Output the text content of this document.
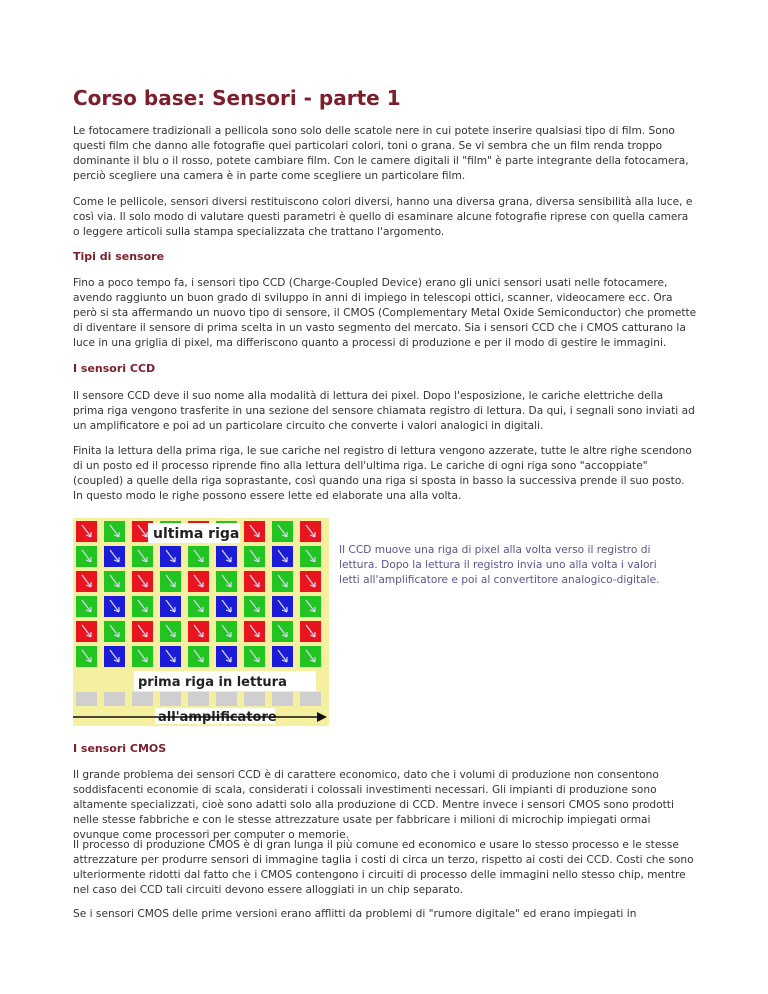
Corso base: Sensori - parte 1

Le fotocamere tradizionali a pellicola sono solo delle scatole nere in cui potete inserire qualsiasi tipo di film. Sono questi film che danno alle fotografie quei particolari colori, toni o grana. Se vi sembra che un film renda troppo dominante il blu o il rosso, potete cambiare film. Con le camere digitali il "film" è parte integrante della fotocamera, perciò scegliere una camera è in parte come scegliere un particolare film.

Come le pellicole, sensori diversi restituiscono colori diversi, hanno una diversa grana, diversa sensibilità alla luce, e così via. Il solo modo di valutare questi parametri è quello di esaminare alcune fotografie riprese con quella camera o leggere articoli sulla stampa specializzata che trattano l'argomento.

Tipi di sensore

Fino a poco tempo fa, i sensori tipo CCD (Charge-Coupled Device) erano gli unici sensori usati nelle fotocamere, avendo raggiunto un buon grado di sviluppo in anni di impiego in telescopi ottici, scanner, videocamere ecc. Ora però si sta affermando un nuovo tipo di sensore, il CMOS (Complementary Metal Oxide Semiconductor) che promette di diventare il sensore di prima scelta in un vasto segmento del mercato. Sia i sensori CCD che i CMOS catturano la luce in una griglia di pixel, ma differiscono quanto a processi di produzione e per il modo di gestire le immagini.

I sensori CCD

Il sensore CCD deve il suo nome alla modalità di lettura dei pixel. Dopo l'esposizione, le cariche elettriche della prima riga vengono trasferite in una sezione del sensore chiamata registro di lettura. Da qui, i segnali sono inviati ad un amplificatore e poi ad un particolare circuito che converte i valori analogici in digitali.

Finita la lettura della prima riga, le sue cariche nel registro di lettura vengono azzerate, tutte le altre righe scendono di un posto ed il processo riprende fino alla lettura dell'ultima riga. Le cariche di ogni riga sono "accoppiate" (coupled) a quelle della riga soprastante, così quando una riga si sposta in basso la successiva prende il suo posto. In questo modo le righe possono essere lette ed elaborate una alla volta.

ultima riga
prima riga in lettura
all'amplificatore

Il CCD muove una riga di pixel alla volta verso il registro di lettura. Dopo la lettura il registro invia uno alla volta i valori letti all'amplificatore e poi al convertitore analogico-digitale.

I sensori CMOS

Il grande problema dei sensori CCD è di carattere economico, dato che i volumi di produzione non consentono soddisfacenti economie di scala, considerati i colossali investimenti necessari. Gli impianti di produzione sono altamente specializzati, cioè sono adatti solo alla produzione di CCD. Mentre invece i sensori CMOS sono prodotti nelle stesse fabbriche e con le stesse attrezzature usate per fabbricare i milioni di microchip impiegati ormai ovunque come processori per computer o memorie.

Il processo di produzione CMOS è di gran lunga il più comune ed economico e usare lo stesso processo e le stesse attrezzature per produrre sensori di immagine taglia i costi di circa un terzo, rispetto ai costi dei CCD. Costi che sono ulteriormente ridotti dal fatto che i CMOS contengono i circuiti di processo delle immagini nello stesso chip, mentre nel caso dei CCD tali circuiti devono essere alloggiati in un chip separato.

Se i sensori CMOS delle prime versioni erano afflitti da problemi di "rumore digitale" ed erano impiegati in
